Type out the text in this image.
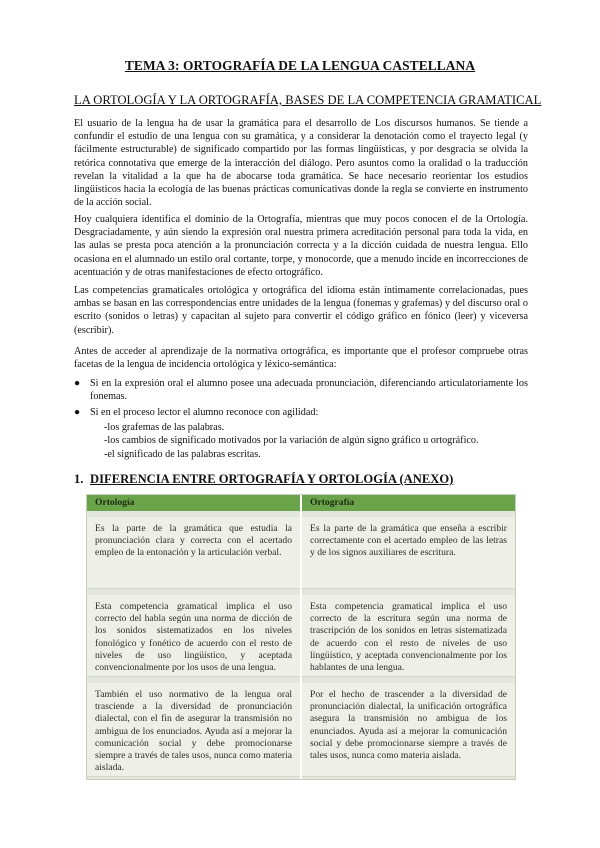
TEMA 3: ORTOGRAFÍA DE LA LENGUA CASTELLANA
LA ORTOLOGÍA Y LA ORTOGRAFÍA, BASES DE LA COMPETENCIA GRAMATICAL

El usuario de la lengua ha de usar la gramática para el desarrollo de Los discursos humanos. Se tiende a confundir el estudio de una lengua con su gramática, y a considerar la denotación como el trayecto legal (y fácilmente estructurable) de significado compartido por las formas lingüísticas, y por desgracia se olvida la retórica connotativa que emerge de la interacción del diálogo. Pero asuntos como la oralidad o la traducción revelan la vitalidad a la que ha de abocarse toda gramática. Se hace necesario reorientar los estudios lingüísticos hacia la ecología de las buenas prácticas comunicativas donde la regla se convierte en instrumento de la acción social.

Hoy cualquiera identifica el dominio de la Ortografía, mientras que muy pocos conocen el de la Ortología. Desgraciadamente, y aún siendo la expresión oral nuestra primera acreditación personal para toda la vida, en las aulas se presta poca atención a la pronunciación correcta y a la dicción cuidada de nuestra lengua. Ello ocasiona en el alumnado un estilo oral cortante, torpe, y monocorde, que a menudo incide en incorrecciones de acentuación y de otras manifestaciones de efecto ortográfico.

Las competencias gramaticales ortológica y ortográfica del idioma están íntimamente correlacionadas, pues ambas se basan en las correspondencias entre unidades de la lengua (fonemas y grafemas) y del discurso oral o escrito (sonidos o letras) y capacitan al sujeto para convertir el código gráfico en fónico (leer) y viceversa (escribir).

Antes de acceder al aprendizaje de la normativa ortográfica, es importante que el profesor compruebe otras facetas de la lengua de incidencia ortológica y léxico-semántica:

● Si en la expresión oral el alumno posee una adecuada pronunciación, diferenciando articulatoriamente los fonemas.
● Si en el proceso lector el alumno reconoce con agilidad:
-los grafemas de las palabras.
-los cambios de significado motivados por la variación de algún signo gráfico u ortográfico.
-el significado de las palabras escritas.
1. DIFERENCIA ENTRE ORTOGRAFÍA Y ORTOLOGÍA (ANEXO)
Ortología	Ortografía
Es la parte de la gramática que estudia la pronunciación clara y correcta con el acertado empleo de la entonación y la articulación verbal.
Es la parte de la gramática que enseña a escribir correctamente con el acertado empleo de las letras y de los signos auxiliares de escritura.
Esta competencia gramatical implica el uso correcto del habla según una norma de dicción de los sonidos sistematizados en los niveles fonológico y fonético de acuerdo con el resto de niveles de uso lingüístico, y aceptada convencionalmente por los usos de una lengua.
Esta competencia gramatical implica el uso correcto de la escritura según una norma de trascripción de los sonidos en letras sistematizada de acuerdo con el resto de niveles de uso lingüístico, y aceptada convencionalmente por los hablantes de una lengua.
También el uso normativo de la lengua oral trasciende a la diversidad de pronunciación dialectal, con el fin de asegurar la transmisión no ambigua de los enunciados. Ayuda así a mejorar la comunicación social y debe promocionarse siempre a través de tales usos, nunca como materia aislada.
Por el hecho de trascender a la diversidad de pronunciación dialectal, la unificación ortográfica asegura la transmisión no ambigua de los enunciados. Ayuda así a mejorar la comunicación social y debe promocionarse siempre a través de tales usos, nunca como materia aislada.
